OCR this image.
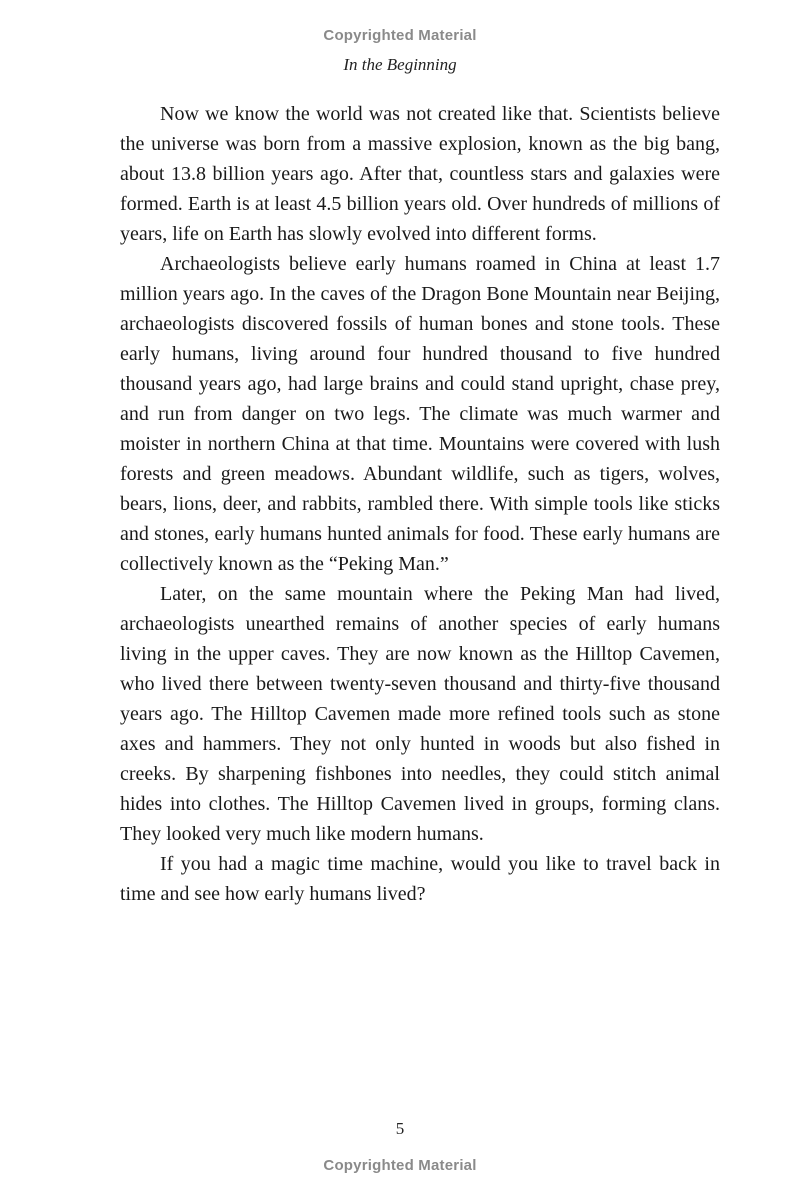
Copyrighted Material
In the Beginning

Now we know the world was not created like that. Scientists believe the universe was born from a massive explosion, known as the big bang, about 13.8 billion years ago. After that, countless stars and galaxies were formed. Earth is at least 4.5 billion years old. Over hundreds of millions of years, life on Earth has slowly evolved into different forms.

Archaeologists believe early humans roamed in China at least 1.7 million years ago. In the caves of the Dragon Bone Mountain near Beijing, archaeologists discovered fossils of human bones and stone tools. These early humans, living around four hundred thousand to five hundred thousand years ago, had large brains and could stand upright, chase prey, and run from danger on two legs. The climate was much warmer and moister in northern China at that time. Mountains were covered with lush forests and green meadows. Abundant wildlife, such as tigers, wolves, bears, lions, deer, and rabbits, rambled there. With simple tools like sticks and stones, early humans hunted animals for food. These early humans are collectively known as the “Peking Man.”

Later, on the same mountain where the Peking Man had lived, archaeologists unearthed remains of another species of early humans living in the upper caves. They are now known as the Hilltop Cavemen, who lived there between twenty-seven thousand and thirty-five thousand years ago. The Hilltop Cavemen made more refined tools such as stone axes and hammers. They not only hunted in woods but also fished in creeks. By sharpening fishbones into needles, they could stitch animal hides into clothes. The Hilltop Cavemen lived in groups, forming clans. They looked very much like modern humans.

If you had a magic time machine, would you like to travel back in time and see how early humans lived?

5
Copyrighted Material
